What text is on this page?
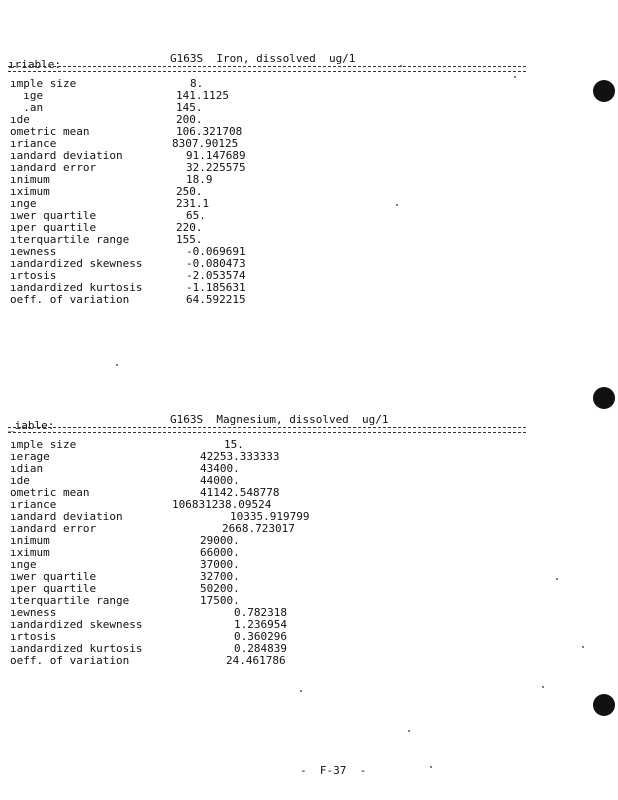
ıriable:	G163S  Iron, dissolved  ug/1
ımple size	8.
ıge	141.1125
.an	145.
ıde	200.
ometric mean	106.321708
ıriance	8307.90125
ıandard deviation	91.147689
ıandard error	32.225575
ınimum	18.9
ıximum	250.
ınge	231.1
ıwer quartile	65.
ıper quartile	220.
ıterquartile range	155.
ıewness	-0.069691
ıandardized skewness	-0.080473
ırtosis	-2.053574
ıandardized kurtosis	-1.185631
oeff. of variation	64.592215
_iable:	G163S  Magnesium, dissolved  ug/1
ımple size	15.
ıerage	42253.333333
ıdian	43400.
ıde	44000.
ometric mean	41142.548778
ıriance	106831238.09524
ıandard deviation	10335.919799
ıandard error	2668.723017
ınimum	29000.
ıximum	66000.
ınge	37000.
ıwer quartile	32700.
ıper quartile	50200.
ıterquartile range	17500.
ıewness	0.782318
ıandardized skewness	1.236954
ırtosis	0.360296
ıandardized kurtosis	0.284839
oeff. of variation	24.461786
-  F-37  -
